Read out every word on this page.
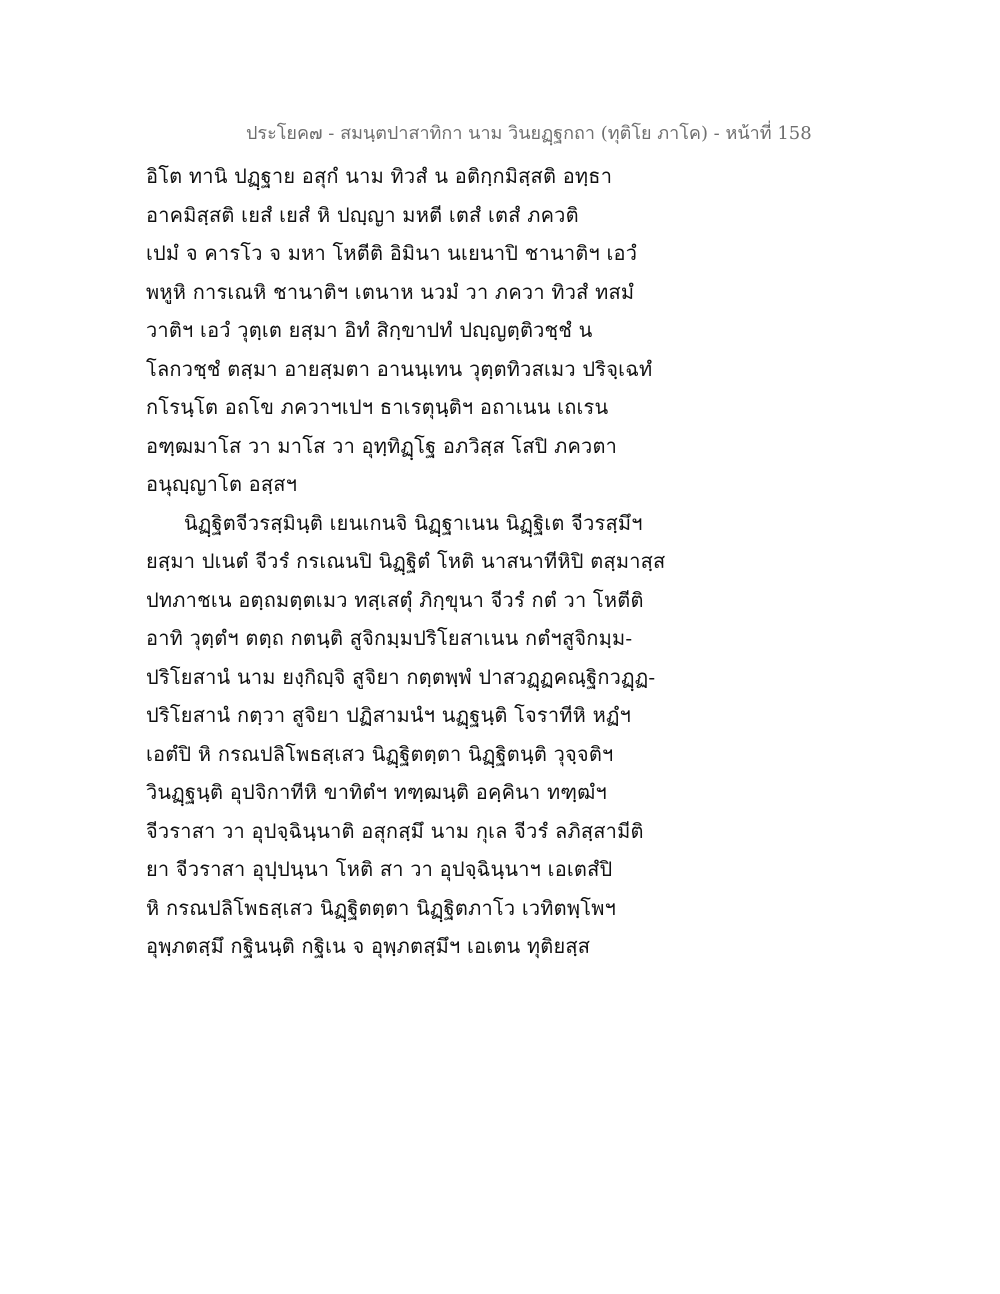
ประโยค๗ - สมนฺตปาสาทิกา นาม วินยฏฺฐกถา (ทุติโย ภาโค) - หน้าที่ 158
อิโต ทานิ ปฏฺฐาย อสุกํ นาม ทิวสํ น อติกฺกมิสฺสติ อทฺธา
อาคมิสฺสติ เยสํ เยสํ หิ ปญฺญา มหตี เตสํ เตสํ ภควติ
เปมํ จ คารโว จ มหา โหตีติ อิมินา นเยนาปิ ชานาติฯ เอวํ
พหูหิ การเณหิ ชานาติฯ เตนาห นวมํ วา ภควา ทิวสํ ทสมํ
วาติฯ เอวํ วุตฺเต ยสฺมา อิทํ สิกฺขาปทํ ปญฺญตฺติวชฺชํ น
โลกวชฺชํ ตสฺมา อายสฺมตา อานนฺเทน วุตฺตทิวสเมว ปริจฺเฉทํ
กโรนฺโต อถโข ภควาฯเปฯ ธาเรตุนฺติฯ อถาเนน เถเรน
อฑฺฒมาโส วา มาโส วา อุทฺทิฏฺโฐ อภวิสฺส โสปิ ภควตา
อนุญฺญาโต อสฺสฯ
นิฏฺฐิตจีวรสฺมินฺติ เยนเกนจิ นิฏฺฐาเนน นิฏฺฐิเต จีวรสฺมึฯ
ยสฺมา ปเนตํ จีวรํ กรเณนปิ นิฏฺฐิตํ โหติ นาสนาทีหิปิ ตสฺมาสฺส
ปทภาชเน อตฺถมตฺตเมว ทสฺเสตุํ ภิกฺขุนา จีวรํ กตํ วา โหตีติ
อาทิ วุตฺตํฯ ตตฺถ กตนฺติ สูจิกมฺมปริโยสาเนน กตํฯสูจิกมฺม-
ปริโยสานํ นาม ยงฺกิญฺจิ สูจิยา กตฺตพฺพํ ปาสวฏฺฏคณฺฐิกวฏฺฏ-
ปริโยสานํ กตฺวา สูจิยา ปฏิสามนํฯ นฏฺฐนฺติ โจราทีหิ หฏํฯ
เอตํปิ หิ กรณปลิโพธสฺเสว นิฏฺฐิตตฺตา นิฏฺฐิตนฺติ วุจฺจติฯ
วินฏฺฐนฺติ อุปจิกาทีหิ ขาทิตํฯ ทฑฺฒนฺติ อคฺคินา ทฑฺฒํฯ
จีวราสา วา อุปจฺฉินฺนาติ อสุกสฺมึ นาม กุเล จีวรํ ลภิสฺสามีติ
ยา จีวราสา อุปฺปนฺนา โหติ สา วา อุปจฺฉินฺนาฯ เอเตสํปิ
หิ กรณปลิโพธสฺเสว นิฏฺฐิตตฺตา นิฏฺฐิตภาโว เวทิตพฺโพฯ
อุพฺภตสฺมึ กฐินนฺติ กฐิเน จ อุพฺภตสฺมึฯ เอเตน ทุติยสฺส
